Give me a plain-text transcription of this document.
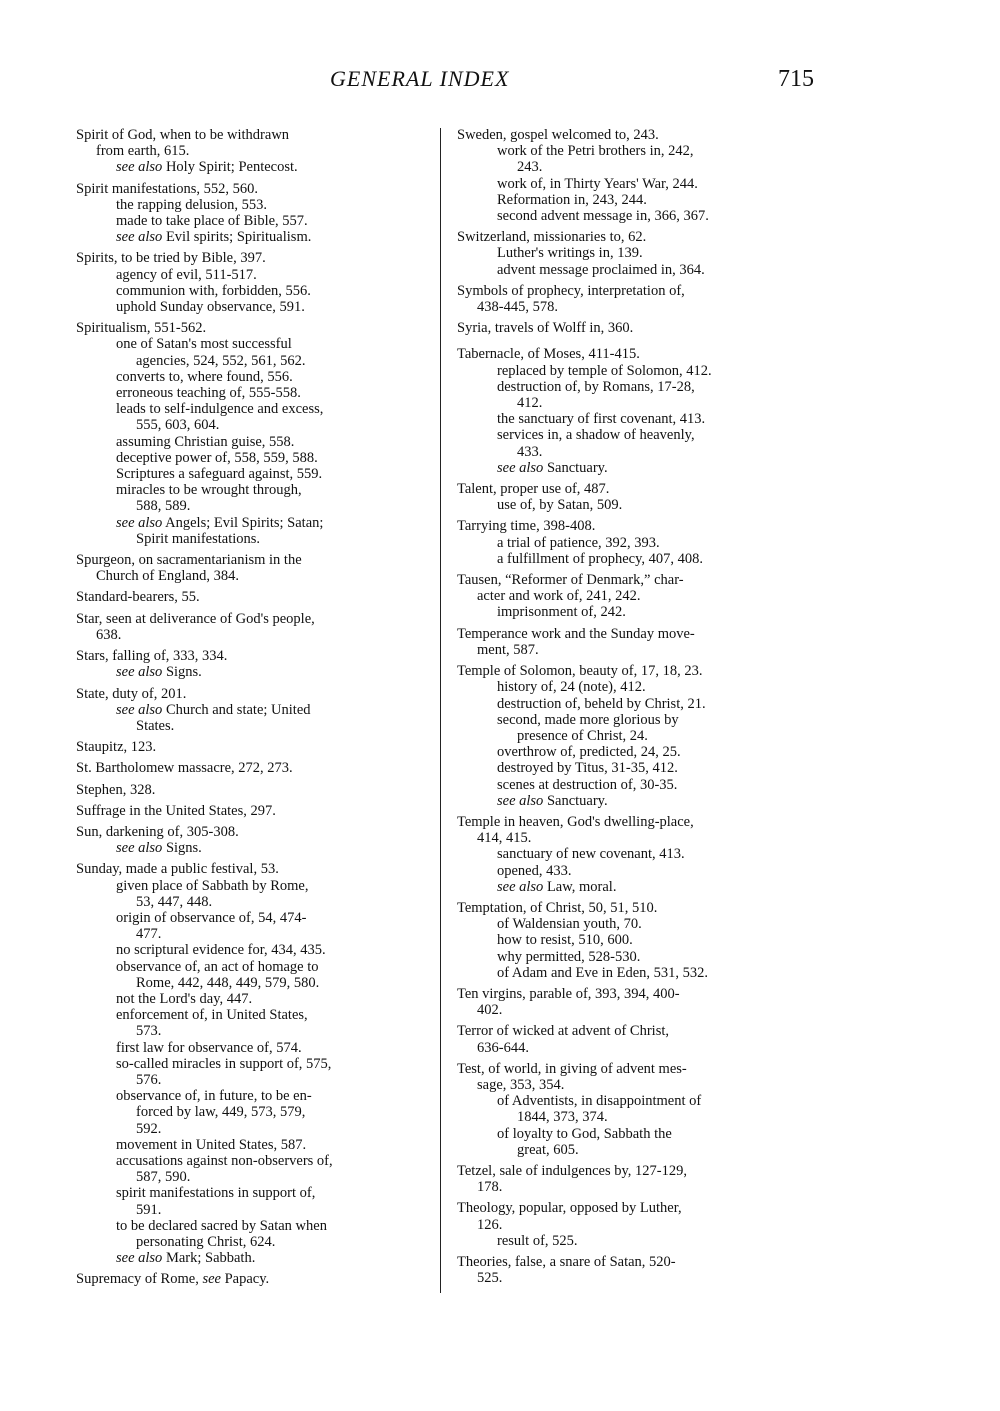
GENERAL INDEX	715
Spirit of God, when to be withdrawn
from earth, 615.
see also Holy Spirit; Pentecost.
Spirit manifestations, 552, 560.
the rapping delusion, 553.
made to take place of Bible, 557.
see also Evil spirits; Spiritualism.
Spirits, to be tried by Bible, 397.
agency of evil, 511-517.
communion with, forbidden, 556.
uphold Sunday observance, 591.
Spiritualism, 551-562.
one of Satan's most successful
agencies, 524, 552, 561, 562.
converts to, where found, 556.
erroneous teaching of, 555-558.
leads to self-indulgence and excess,
555, 603, 604.
assuming Christian guise, 558.
deceptive power of, 558, 559, 588.
Scriptures a safeguard against, 559.
miracles to be wrought through,
588, 589.
see also Angels; Evil Spirits; Satan;
Spirit manifestations.
Spurgeon, on sacramentarianism in the
Church of England, 384.
Standard-bearers, 55.
Star, seen at deliverance of God's people,
638.
Stars, falling of, 333, 334.
see also Signs.
State, duty of, 201.
see also Church and state; United
States.
Staupitz, 123.
St. Bartholomew massacre, 272, 273.
Stephen, 328.
Suffrage in the United States, 297.
Sun, darkening of, 305-308.
see also Signs.
Sunday, made a public festival, 53.
given place of Sabbath by Rome,
53, 447, 448.
origin of observance of, 54, 474-
477.
no scriptural evidence for, 434, 435.
observance of, an act of homage to
Rome, 442, 448, 449, 579, 580.
not the Lord's day, 447.
enforcement of, in United States,
573.
first law for observance of, 574.
so-called miracles in support of, 575,
576.
observance of, in future, to be en-
forced by law, 449, 573, 579,
592.
movement in United States, 587.
accusations against non-observers of,
587, 590.
spirit manifestations in support of,
591.
to be declared sacred by Satan when
personating Christ, 624.
see also Mark; Sabbath.
Supremacy of Rome, see Papacy.
Sweden, gospel welcomed to, 243.
work of the Petri brothers in, 242,
243.
work of, in Thirty Years' War, 244.
Reformation in, 243, 244.
second advent message in, 366, 367.
Switzerland, missionaries to, 62.
Luther's writings in, 139.
advent message proclaimed in, 364.
Symbols of prophecy, interpretation of,
438-445, 578.
Syria, travels of Wolff in, 360.
Tabernacle, of Moses, 411-415.
replaced by temple of Solomon, 412.
destruction of, by Romans, 17-28,
412.
the sanctuary of first covenant, 413.
services in, a shadow of heavenly,
433.
see also Sanctuary.
Talent, proper use of, 487.
use of, by Satan, 509.
Tarrying time, 398-408.
a trial of patience, 392, 393.
a fulfillment of prophecy, 407, 408.
Tausen, “Reformer of Denmark,” char-
acter and work of, 241, 242.
imprisonment of, 242.
Temperance work and the Sunday move-
ment, 587.
Temple of Solomon, beauty of, 17, 18, 23.
history of, 24 (note), 412.
destruction of, beheld by Christ, 21.
second, made more glorious by
presence of Christ, 24.
overthrow of, predicted, 24, 25.
destroyed by Titus, 31-35, 412.
scenes at destruction of, 30-35.
see also Sanctuary.
Temple in heaven, God's dwelling-place,
414, 415.
sanctuary of new covenant, 413.
opened, 433.
see also Law, moral.
Temptation, of Christ, 50, 51, 510.
of Waldensian youth, 70.
how to resist, 510, 600.
why permitted, 528-530.
of Adam and Eve in Eden, 531, 532.
Ten virgins, parable of, 393, 394, 400-
402.
Terror of wicked at advent of Christ,
636-644.
Test, of world, in giving of advent mes-
sage, 353, 354.
of Adventists, in disappointment of
1844, 373, 374.
of loyalty to God, Sabbath the
great, 605.
Tetzel, sale of indulgences by, 127-129,
178.
Theology, popular, opposed by Luther,
126.
result of, 525.
Theories, false, a snare of Satan, 520-
525.
